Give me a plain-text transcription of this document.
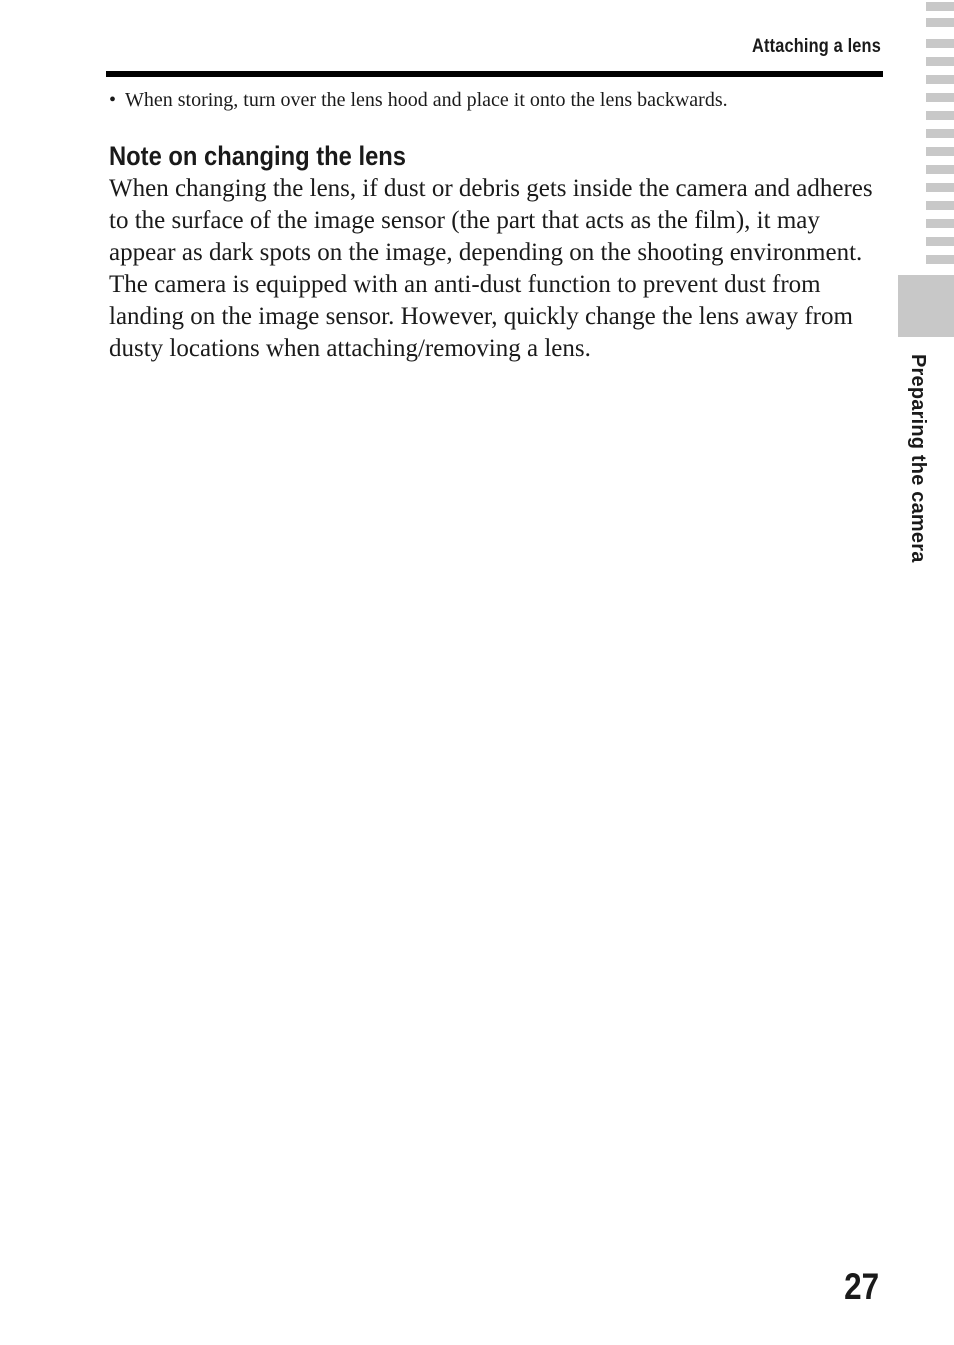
Attaching a lens
• When storing, turn over the lens hood and place it onto the lens backwards.
Note on changing the lens

When changing the lens, if dust or debris gets inside the camera and adheres to the surface of the image sensor (the part that acts as the film), it may appear as dark spots on the image, depending on the shooting environment.

The camera is equipped with an anti-dust function to prevent dust from landing on the image sensor. However, quickly change the lens away from dusty locations when attaching/removing a lens.

Preparing the camera
27
